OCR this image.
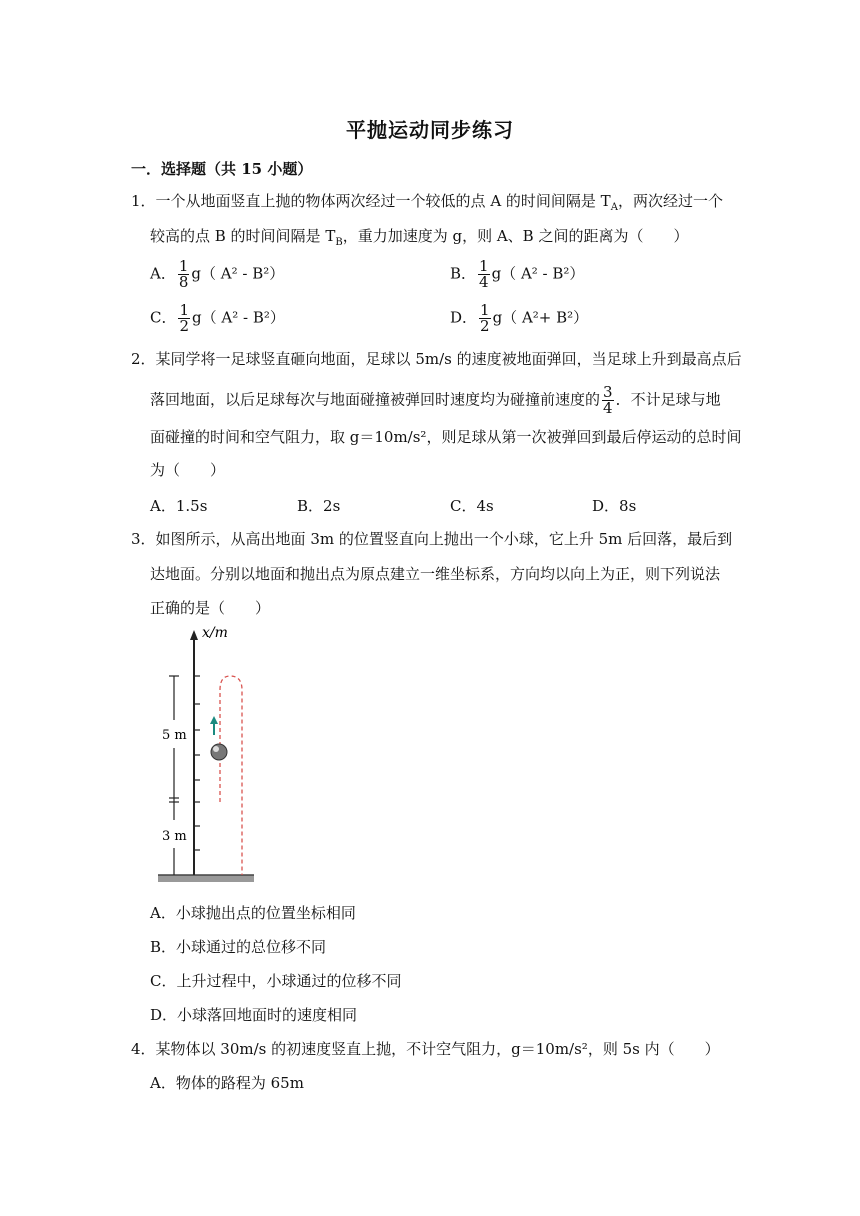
平抛运动同步练习
一．选择题（共 15 小题）
1．一个从地面竖直上抛的物体两次经过一个较低的点 A 的时间间隔是 $T_A$，两次经过一个
较高的点 B 的时间间隔是 $T_B$，重力加速度为 g，则 A、B 之间的距离为（　　）
A． $\frac{1}{8} g$（ A² - B²）	B． $\frac{1}{4} g$（ A² - B²）
C． $\frac{1}{2} g$（ A² - B²）	D． $\frac{1}{2} g$（ A²+ B²）
2．某同学将一足球竖直砸向地面，足球以 5m/s 的速度被地面弹回，当足球上升到最高点后
落回地面，以后足球每次与地面碰撞被弹回时速度均为碰撞前速度的 $\frac{3}{4}$ ．不计足球与地
面碰撞的时间和空气阻力，取 g＝10m/s²，则足球从第一次被弹回到最后停运动的总时间
为（　　）
A．1.5s	B．2s	C．4s	D．8s
3．如图所示，从高出地面 3m 的位置竖直向上抛出一个小球，它上升 5m 后回落，最后到
达地面。分别以地面和抛出点为原点建立一维坐标系，方向均以向上为正，则下列说法
正确的是（　　）
x/m
5 m
3 m
A．小球抛出点的位置坐标相同
B．小球通过的总位移不同
C．上升过程中，小球通过的位移不同
D．小球落回地面时的速度相同
4．某物体以 30m/s 的初速度竖直上抛，不计空气阻力，g＝10m/s²，则 5s 内（　　）
A．物体的路程为 65m
